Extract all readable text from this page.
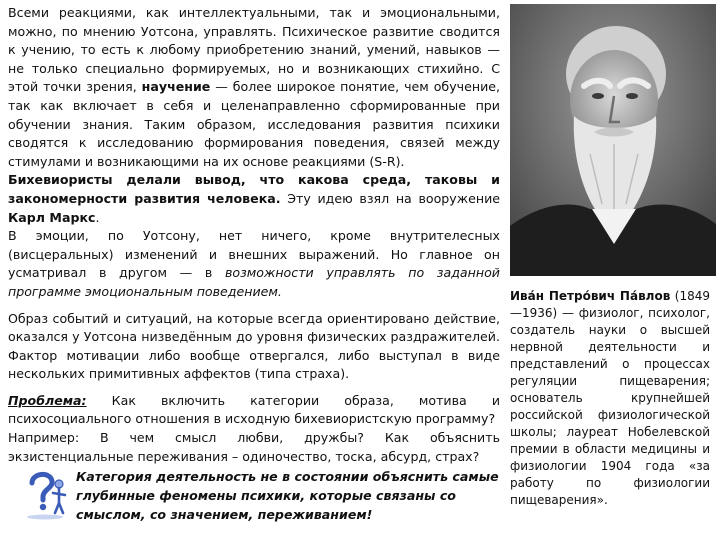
Всеми реакциями, как интеллектуальными, так и эмоциональными, можно, по мнению Уотсона, управлять. Психическое развитие сводится к учению, то есть к любому приобретению знаний, умений, навыков — не только специально формируемых, но и возникающих стихийно. С этой точки зрения, научение — более широкое понятие, чем обучение, так как включает в себя и целенаправленно сформированные при обучении знания. Таким образом, исследования развития психики сводятся к исследованию формирования поведения, связей между стимулами и возникающими на их основе реакциями (S-R).

Бихевиористы делали вывод, что какова среда, таковы и закономерности развития человека. Эту идею взял на вооружение Карл Маркс.

В эмоции, по Уотсону, нет ничего, кроме внутрителесных (висцеральных) изменений и внешних выражений. Но главное он усматривал в другом — в возможности управлять по заданной программе эмоциональным поведением.

Образ событий и ситуаций, на которые всегда ориентировано действие, оказался у Уотсона низведённым до уровня физических раздражителей. Фактор мотивации либо вообще отвергался, либо выступал в виде нескольких примитивных аффектов (типа страха).

Проблема: Как включить категории образа, мотива и психосоциального отношения в исходную бихевиористскую программу?

Например: В чем смысл любви, дружбы? Как объяснить экзистенциальные переживания – одиночество, тоска, абсурд, страх?

Категория деятельность не в состоянии объяснить самые глубинные феномены психики, которые связаны со смыслом, со значением, переживанием!
Ива́н Петро́вич Па́влов (1849 —1936) — физиолог, психолог, создатель науки о высшей нервной деятельности и представлений о процессах регуляции пищеварения; основатель крупнейшей российской физиологической школы; лауреат Нобелевской премии в области медицины и физиологии 1904 года «за работу по физиологии пищеварения».
